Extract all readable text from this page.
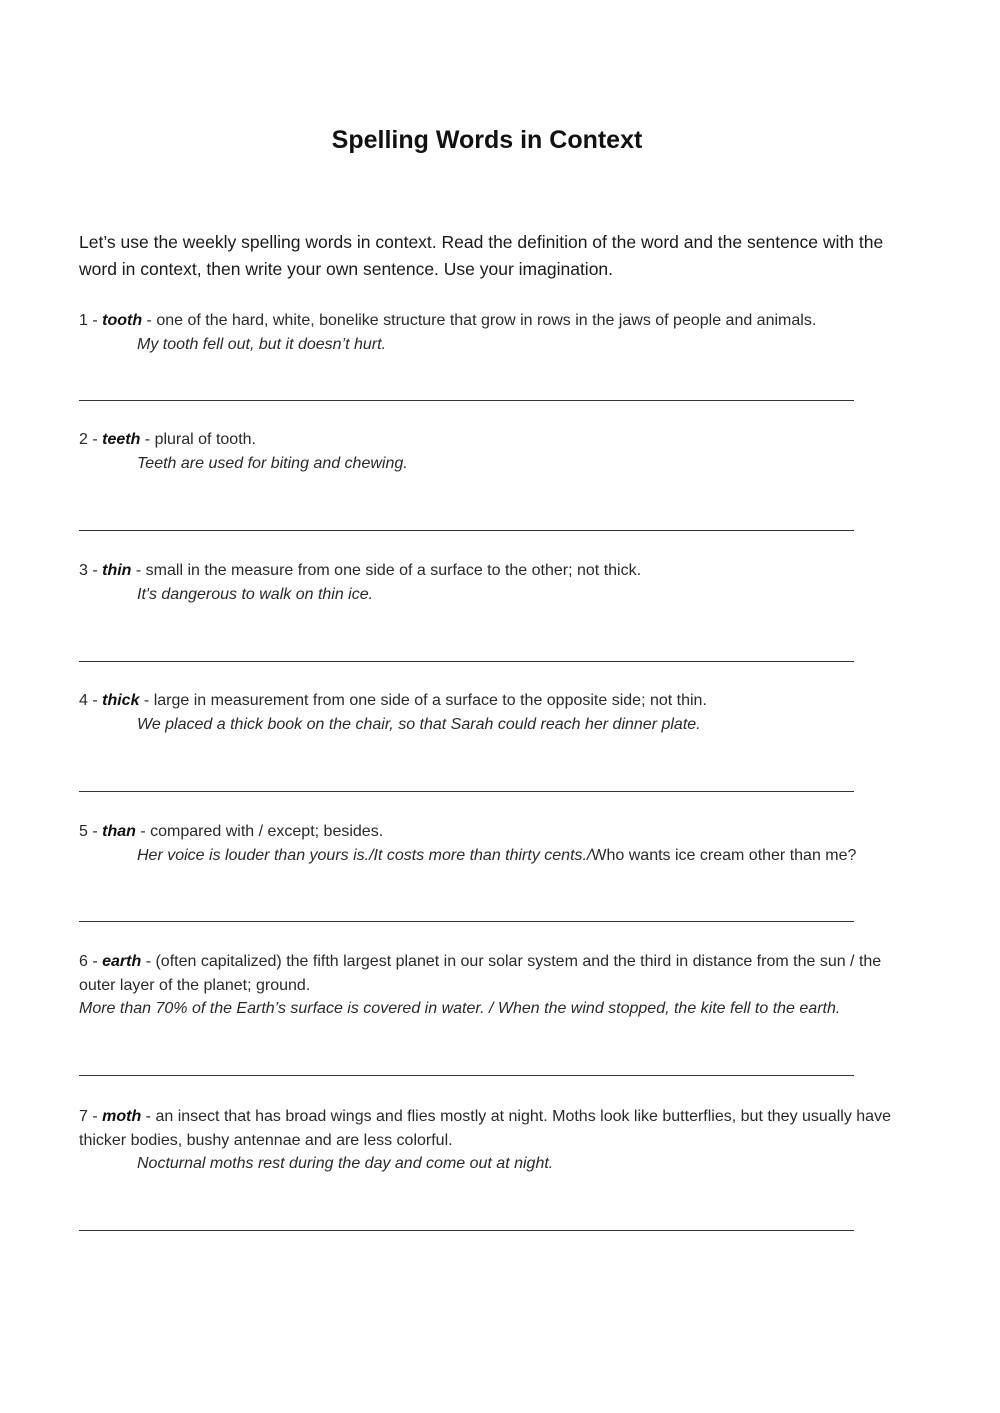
Spelling Words in Context

Let’s use the weekly spelling words in context. Read the definition of the word and the sentence with the word in context, then write your own sentence. Use your imagination.

1 - tooth - one of the hard, white, bonelike structure that grow in rows in the jaws of people and animals.

My tooth fell out, but it doesn’t hurt.

2 - teeth - plural of tooth.

Teeth are used for biting and chewing.

3 - thin - small in the measure from one side of a surface to the other; not thick.

It's dangerous to walk on thin ice.

4 - thick - large in measurement from one side of a surface to the opposite side; not thin.

We placed a thick book on the chair, so that Sarah could reach her dinner plate.

5 - than - compared with / except; besides.

Her voice is louder than yours is./It costs more than thirty cents./Who wants ice cream other than me?

6 - earth - (often capitalized) the fifth largest planet in our solar system and the third in distance from the sun / the outer layer of the planet; ground.

More than 70% of the Earth’s surface is covered in water. / When the wind stopped, the kite fell to the earth.

7 - moth - an insect that has broad wings and flies mostly at night. Moths look like butterflies, but they usually have thicker bodies, bushy antennae and are less colorful.

Nocturnal moths rest during the day and come out at night.
